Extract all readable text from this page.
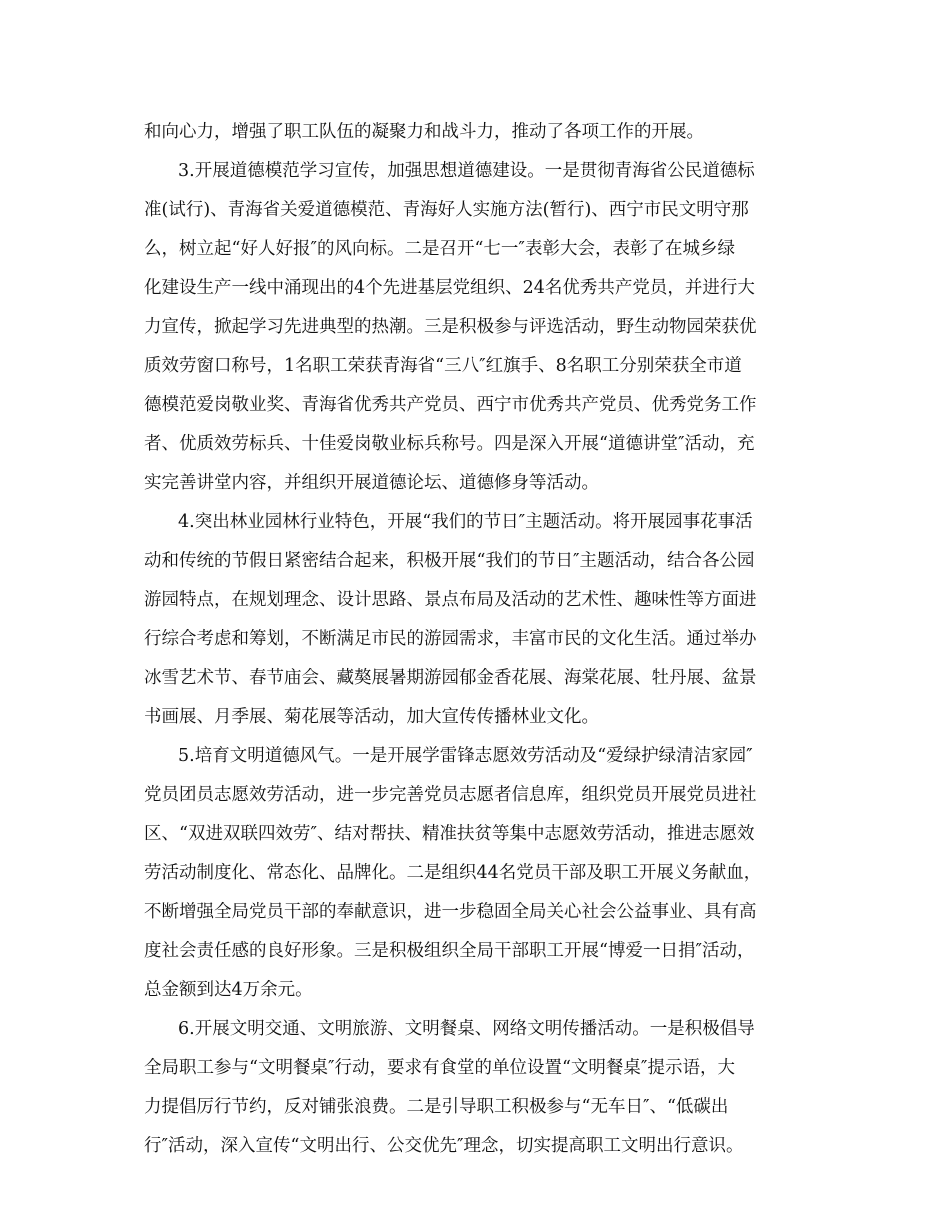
和向心力，增强了职工队伍的凝聚力和战斗力，推动了各项工作的开展。
3.开展道德模范学习宣传，加强思想道德建设。一是贯彻青海省公民道德标
准(试行)、青海省关爱道德模范、青海好人实施方法(暂行)、西宁市民文明守那
么，树立起“好人好报″的风向标。二是召开“七一″表彰大会，表彰了在城乡绿
化建设生产一线中涌现出的4个先进基层党组织、24名优秀共产党员，并进行大
力宣传，掀起学习先进典型的热潮。三是积极参与评选活动，野生动物园荣获优
质效劳窗口称号，1名职工荣获青海省“三八″红旗手、8名职工分别荣获全市道
德模范爱岗敬业奖、青海省优秀共产党员、西宁市优秀共产党员、优秀党务工作
者、优质效劳标兵、十佳爱岗敬业标兵称号。四是深入开展“道德讲堂″活动，充
实完善讲堂内容，并组织开展道德论坛、道德修身等活动。
4.突出林业园林行业特色，开展“我们的节日″主题活动。将开展园事花事活
动和传统的节假日紧密结合起来，积极开展“我们的节日″主题活动，结合各公园
游园特点，在规划理念、设计思路、景点布局及活动的艺术性、趣味性等方面进
行综合考虑和筹划，不断满足市民的游园需求，丰富市民的文化生活。通过举办
冰雪艺术节、春节庙会、藏獒展暑期游园郁金香花展、海棠花展、牡丹展、盆景
书画展、月季展、菊花展等活动，加大宣传传播林业文化。
5.培育文明道德风气。一是开展学雷锋志愿效劳活动及“爱绿护绿清洁家园″
党员团员志愿效劳活动，进一步完善党员志愿者信息库，组织党员开展党员进社
区、“双进双联四效劳″、结对帮扶、精准扶贫等集中志愿效劳活动，推进志愿效
劳活动制度化、常态化、品牌化。二是组织44名党员干部及职工开展义务献血，
不断增强全局党员干部的奉献意识，进一步稳固全局关心社会公益事业、具有高
度社会责任感的良好形象。三是积极组织全局干部职工开展“博爱一日捐″活动，
总金额到达4万余元。
6.开展文明交通、文明旅游、文明餐桌、网络文明传播活动。一是积极倡导
全局职工参与“文明餐桌″行动，要求有食堂的单位设置“文明餐桌″提示语，大
力提倡厉行节约，反对铺张浪费。二是引导职工积极参与“无车日″、“低碳出
行″活动，深入宣传“文明出行、公交优先″理念，切实提高职工文明出行意识。
